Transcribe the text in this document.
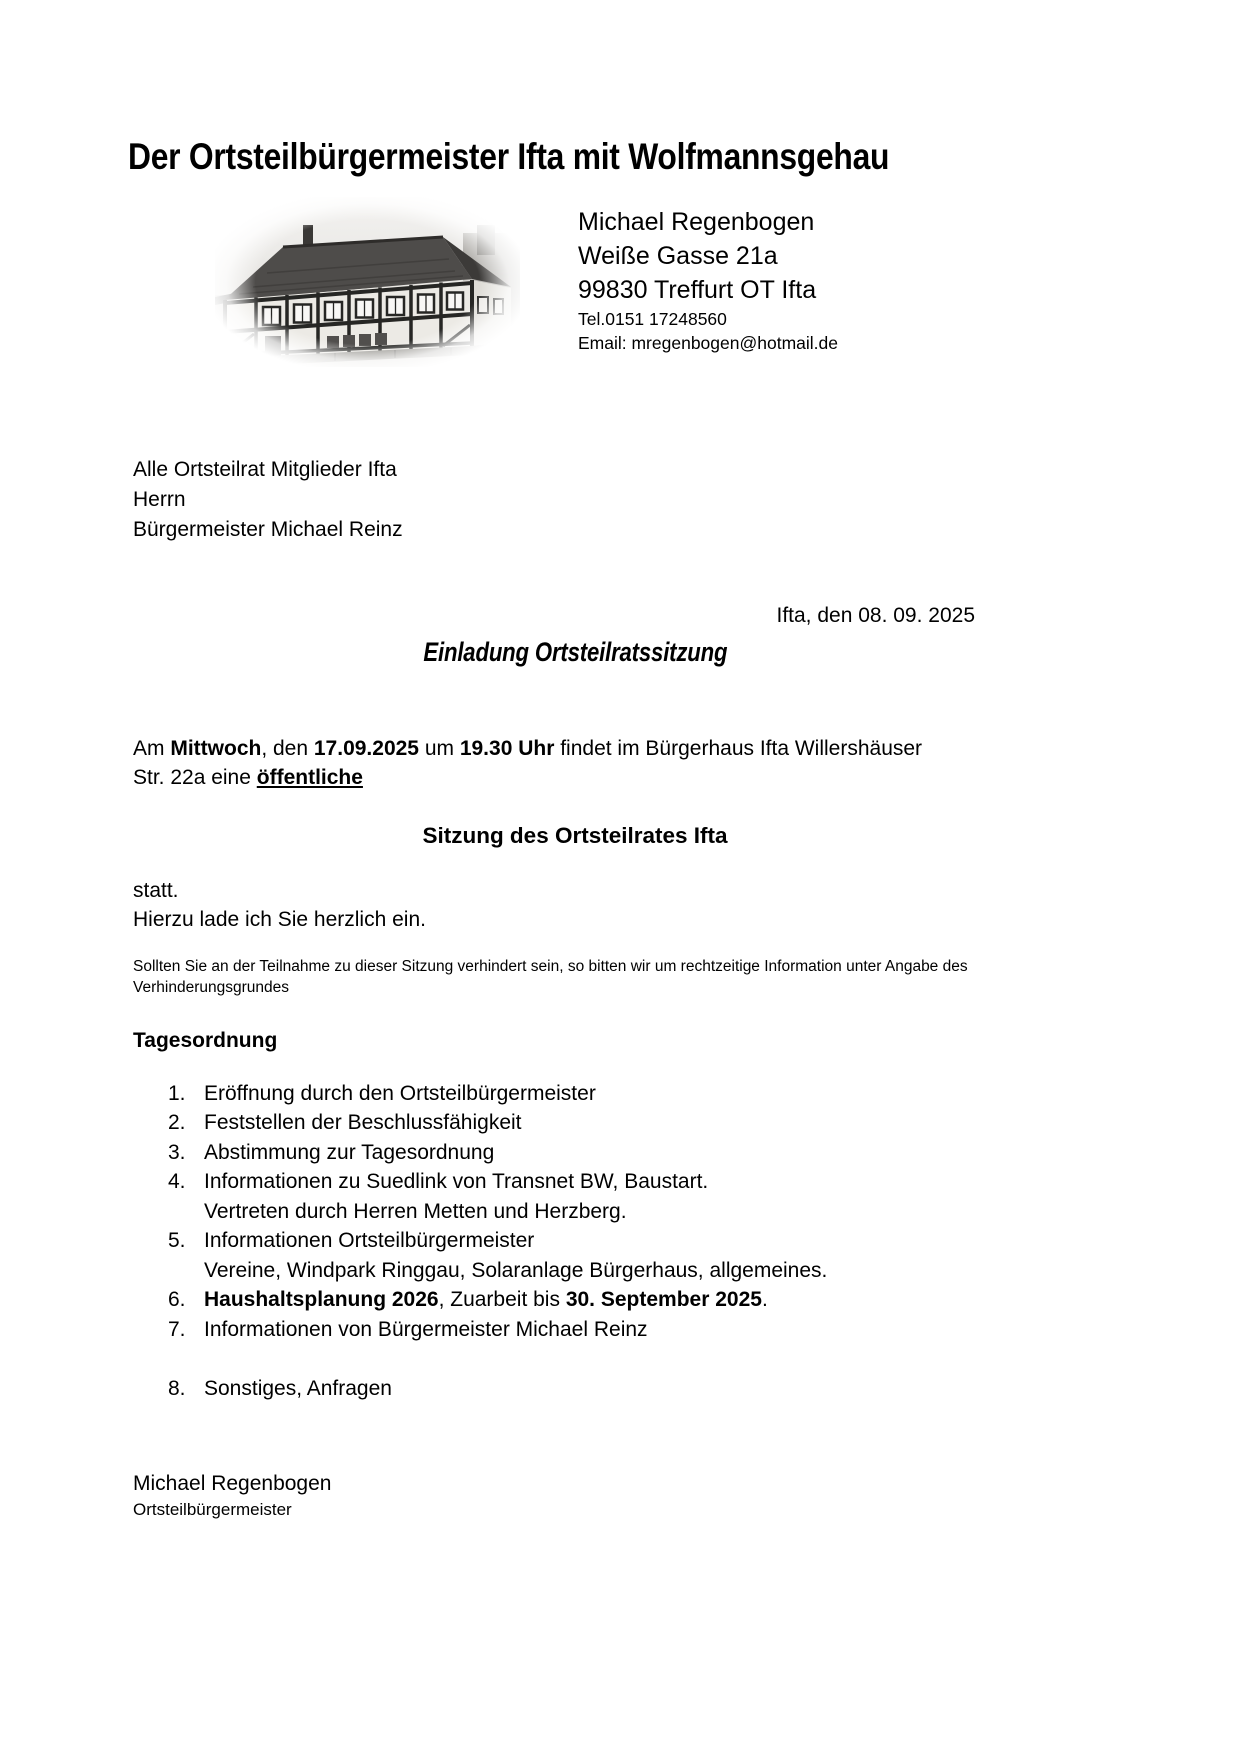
Der Ortsteilbürgermeister Ifta mit Wolfmannsgehau
Michael Regenbogen
Weiße Gasse 21a
99830 Treffurt OT Ifta
Tel.0151 17248560
Email: mregenbogen@hotmail.de
Alle Ortsteilrat Mitglieder Ifta
Herrn
Bürgermeister Michael Reinz
Ifta, den 08. 09. 2025
Einladung Ortsteilratssitzung

Am Mittwoch, den 17.09.2025 um 19.30 Uhr findet im Bürgerhaus Ifta Willershäuser
Str. 22a eine öffentliche

Sitzung des Ortsteilrates Ifta
statt.
Hierzu lade ich Sie herzlich ein.

Sollten Sie an der Teilnahme zu dieser Sitzung verhindert sein, so bitten wir um rechtzeitige Information unter Angabe des Verhinderungsgrundes

Tagesordnung
1. Eröffnung durch den Ortsteilbürgermeister
2. Feststellen der Beschlussfähigkeit
3. Abstimmung zur Tagesordnung
4. Informationen zu Suedlink von Transnet BW, Baustart.
Vertreten durch Herren Metten und Herzberg.
5. Informationen Ortsteilbürgermeister
Vereine, Windpark Ringgau, Solaranlage Bürgerhaus, allgemeines.
6. Haushaltsplanung 2026, Zuarbeit bis 30. September 2025.
7. Informationen von Bürgermeister Michael Reinz
8. Sonstiges, Anfragen
Michael Regenbogen
Ortsteilbürgermeister
